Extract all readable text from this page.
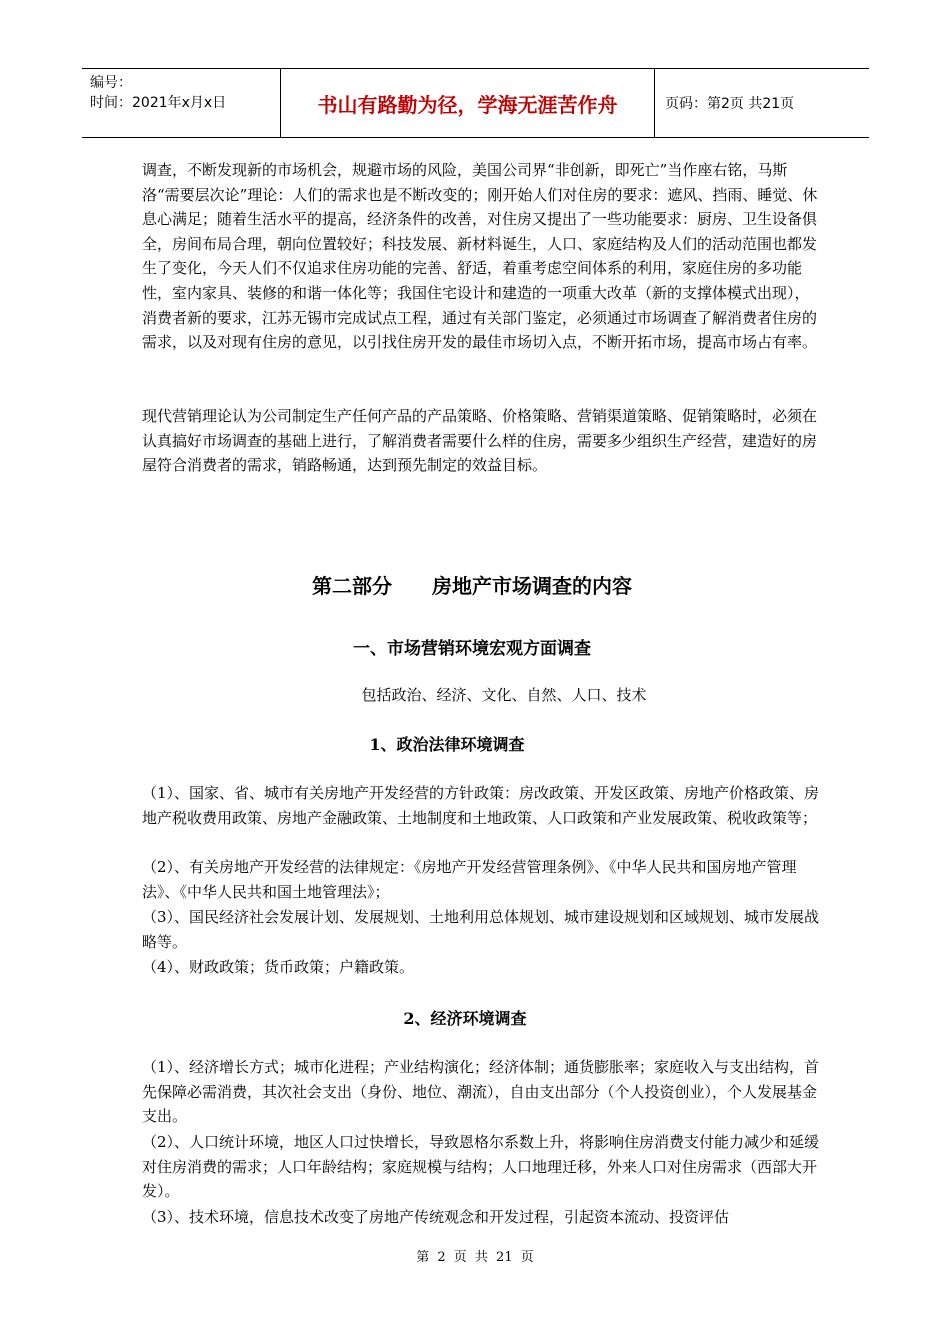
编号：
时间：2021年x月x日	书山有路勤为径，学海无涯苦作舟	页码：第2页 共21页

调查，不断发现新的市场机会，规避市场的风险，美国公司界“非创新，即死亡”当作座右铭，马斯洛“需要层次论”理论：人们的需求也是不断改变的；刚开始人们对住房的要求：遮风、挡雨、睡觉、休息心满足；随着生活水平的提高，经济条件的改善，对住房又提出了一些功能要求：厨房、卫生设备俱全，房间布局合理，朝向位置较好；科技发展、新材料诞生，人口、家庭结构及人们的活动范围也都发生了变化，今天人们不仅追求住房功能的完善、舒适，着重考虑空间体系的利用，家庭住房的多功能性，室内家具、装修的和谐一体化等；我国住宅设计和建造的一项重大改革（新的支撑体模式出现），消费者新的要求，江苏无锡市完成试点工程，通过有关部门鉴定，必须通过市场调查了解消费者住房的需求，以及对现有住房的意见，以引找住房开发的最佳市场切入点，不断开拓市场，提高市场占有率。

现代营销理论认为公司制定生产任何产品的产品策略、价格策略、营销渠道策略、促销策略时，必须在认真搞好市场调查的基础上进行，了解消费者需要什么样的住房，需要多少组织生产经营，建造好的房屋符合消费者的需求，销路畅通，达到预先制定的效益目标。

第二部分　　房地产市场调查的内容
一、市场营销环境宏观方面调查

包括政治、经济、文化、自然、人口、技术

1、政治法律环境调查

（1）、国家、省、城市有关房地产开发经营的方针政策：房改政策、开发区政策、房地产价格政策、房地产税收费用政策、房地产金融政策、土地制度和土地政策、人口政策和产业发展政策、税收政策等；

（2）、有关房地产开发经营的法律规定：《房地产开发经营管理条例》、《中华人民共和国房地产管理法》、《中华人民共和国土地管理法》；

（3）、国民经济社会发展计划、发展规划、土地利用总体规划、城市建设规划和区域规划、城市发展战略等。

（4）、财政政策；货币政策；户籍政策。

2、经济环境调查

（1）、经济增长方式；城市化进程；产业结构演化；经济体制；通货膨胀率；家庭收入与支出结构，首先保障必需消费，其次社会支出（身份、地位、潮流），自由支出部分（个人投资创业），个人发展基金支出。

（2）、人口统计环境，地区人口过快增长，导致恩格尔系数上升，将影响住房消费支付能力减少和延缓对住房消费的需求；人口年龄结构；家庭规模与结构；人口地理迁移，外来人口对住房需求（西部大开发）。

（3）、技术环境，信息技术改变了房地产传统观念和开发过程，引起资本流动、投资评估

第 2 页 共 21 页
